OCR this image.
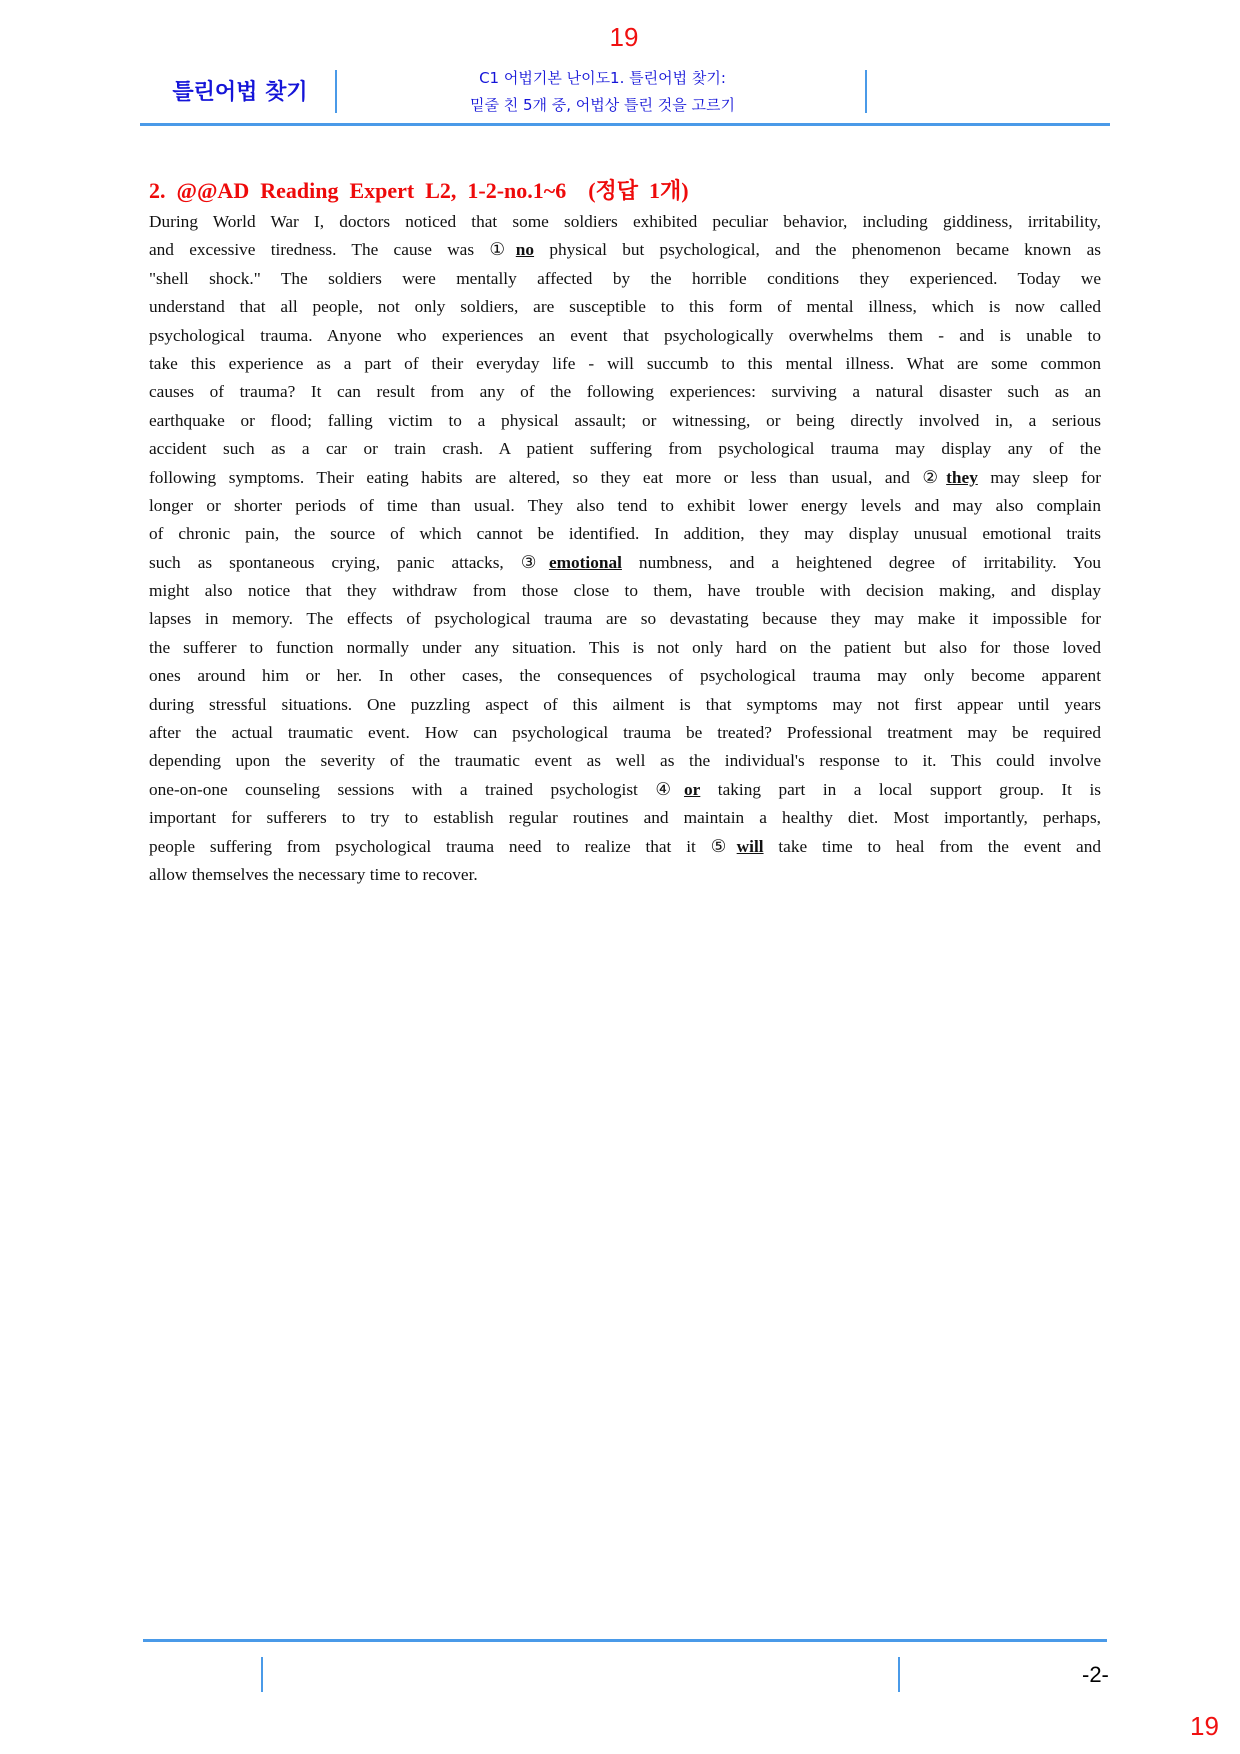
19
틀린어법 찾기
C1 어법기본 난이도1. 틀린어법 찾기:
밑줄 친 5개 중, 어법상 틀린 것을 고르기
2.  @@AD  Reading  Expert  L2,  1-2-no.1~6    (정답  1개)
During World War I, doctors noticed that some soldiers exhibited peculiar behavior, including giddiness, irritability,
and excessive tiredness. The cause was ①no physical but psychological, and the phenomenon became known as
"shell shock." The soldiers were mentally affected by the horrible conditions they experienced. Today we
understand that all people, not only soldiers, are susceptible to this form of mental illness, which is now called
psychological trauma. Anyone who experiences an event that psychologically overwhelms them - and is unable to
take this experience as a part of their everyday life - will succumb to this mental illness. What are some common
causes of trauma? It can result from any of the following experiences: surviving a natural disaster such as an
earthquake or flood; falling victim to a physical assault; or witnessing, or being directly involved in, a serious
accident such as a car or train crash. A patient suffering from psychological trauma may display any of the
following symptoms. Their eating habits are altered, so they eat more or less than usual, and ②they may sleep for
longer or shorter periods of time than usual. They also tend to exhibit lower energy levels and may also complain
of chronic pain, the source of which cannot be identified. In addition, they may display unusual emotional traits
such as spontaneous crying, panic attacks, ③emotional numbness, and a heightened degree of irritability. You
might also notice that they withdraw from those close to them, have trouble with decision making, and display
lapses in memory. The effects of psychological trauma are so devastating because they may make it impossible for
the sufferer to function normally under any situation. This is not only hard on the patient but also for those loved
ones around him or her. In other cases, the consequences of psychological trauma may only become apparent
during stressful situations. One puzzling aspect of this ailment is that symptoms may not first appear until years
after the actual traumatic event. How can psychological trauma be treated? Professional treatment may be required
depending upon the severity of the traumatic event as well as the individual's response to it. This could involve
one-on-one counseling sessions with a trained psychologist ④or taking part in a local support group. It is
important for sufferers to try to establish regular routines and maintain a healthy diet. Most importantly, perhaps,
people suffering from psychological trauma need to realize that it ⑤will take time to heal from the event and
allow themselves the necessary time to recover.
-2-
19
